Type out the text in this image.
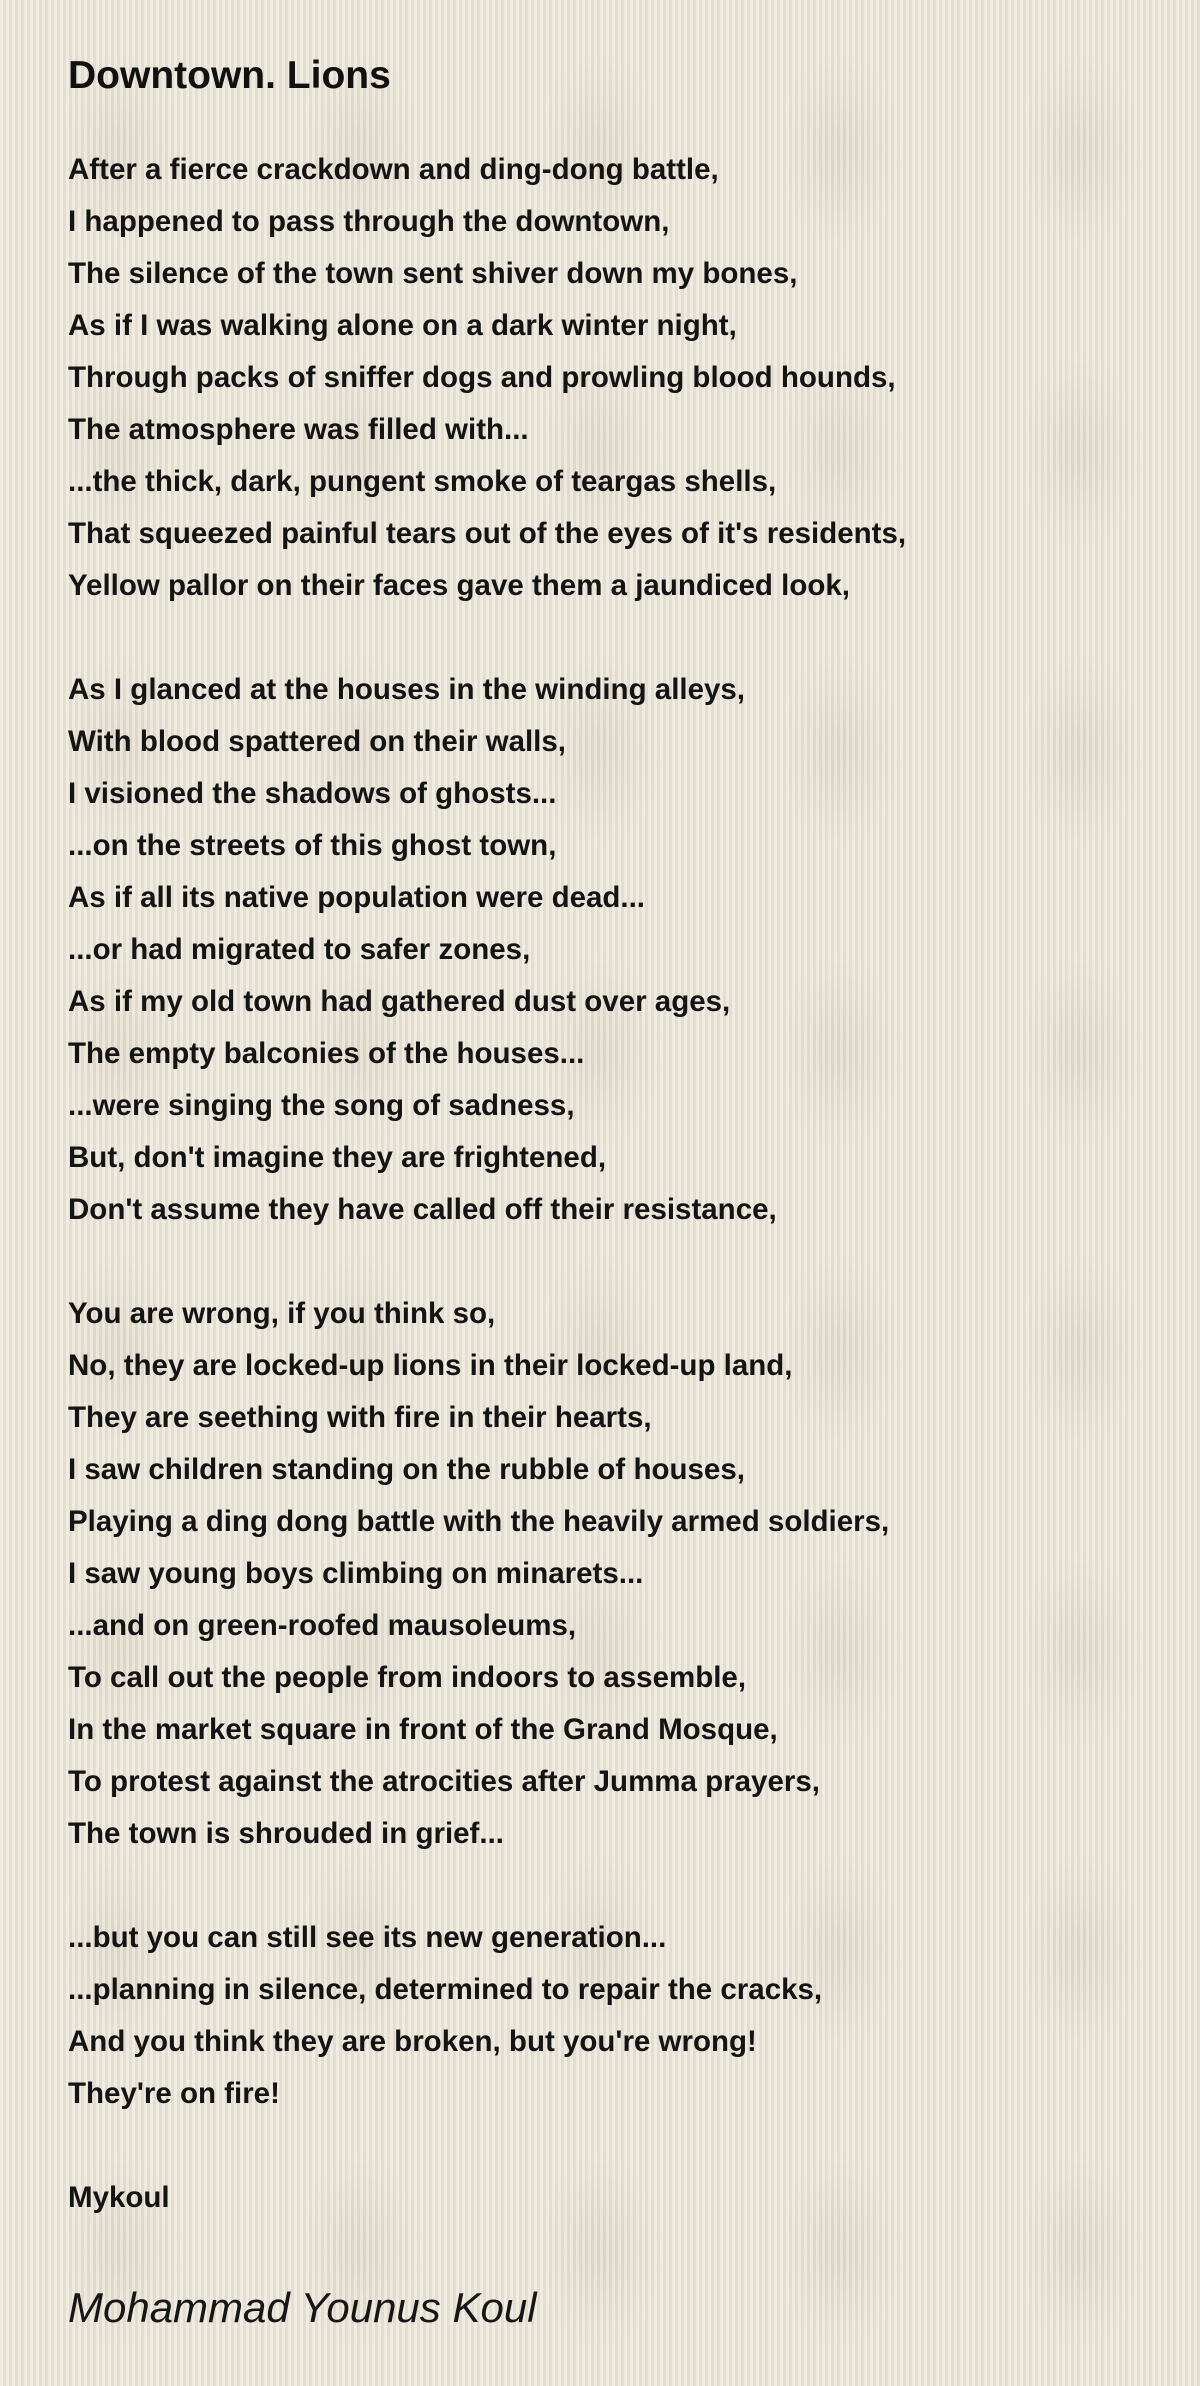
Downtown. Lions
After a fierce crackdown and ding-dong battle,
I happened to pass through the downtown,
The silence of the town sent shiver down my bones,
As if I was walking alone on a dark winter night,
Through packs of sniffer dogs and prowling blood hounds,
The atmosphere was filled with...
...the thick, dark, pungent smoke of teargas shells,
That squeezed painful tears out of the eyes of it's residents,
Yellow pallor on their faces gave them a jaundiced look,
As I glanced at the houses in the winding alleys,
With blood spattered on their walls,
I visioned the shadows of ghosts...
...on the streets of this ghost town,
As if all its native population were dead...
...or had migrated to safer zones,
As if my old town had gathered dust over ages,
The empty balconies of the houses...
...were singing the song of sadness,
But, don't imagine they are frightened,
Don't assume they have called off their resistance,
You are wrong, if you think so,
No, they are locked-up lions in their locked-up land,
They are seething with fire in their hearts,
I saw children standing on the rubble of houses,
Playing a ding dong battle with the heavily armed soldiers,
I saw young boys climbing on minarets...
...and on green-roofed mausoleums,
To call out the people from indoors to assemble,
In the market square in front of the Grand Mosque,
To protest against the atrocities after Jumma prayers,
The town is shrouded in grief...
...but you can still see its new generation...
...planning in silence, determined to repair the cracks,
And you think they are broken, but you're wrong!
They're on fire!

Mykoul

Mohammad Younus Koul
